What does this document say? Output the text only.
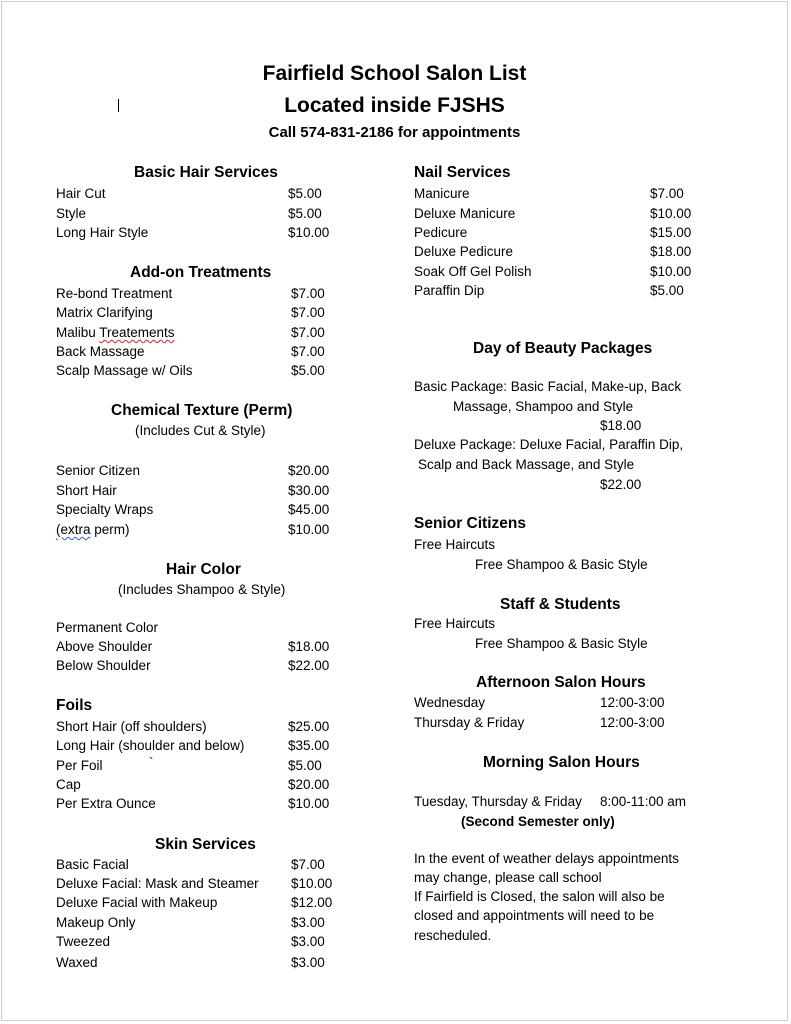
Fairfield School Salon List
Located inside FJSHS
Call 574-831-2186 for appointments
Basic Hair Services
Hair Cut	$5.00
Style	$5.00
Long Hair Style	$10.00
Add-on Treatments
Re-bond Treatment	$7.00
Matrix Clarifying	$7.00
Malibu Treatements	$7.00
Back Massage	$7.00
Scalp Massage w/ Oils	$5.00
Chemical Texture (Perm)
(Includes Cut & Style)
Senior Citizen	$20.00
Short Hair	$30.00
Specialty Wraps	$45.00
(extra perm)	$10.00
Hair Color
(Includes Shampoo & Style)
Permanent Color
Above Shoulder	$18.00
Below Shoulder	$22.00
Foils
Short Hair (off shoulders)	$25.00
Long Hair (shoulder and below)	$35.00
Per Foil	`	$5.00
Cap	$20.00
Per Extra Ounce	$10.00
Skin Services
Basic Facial	$7.00
Deluxe Facial: Mask and Steamer $10.00
Deluxe Facial with Makeup	$12.00
Makeup Only	$3.00
Tweezed	$3.00
Waxed	$3.00
Nail Services
Manicure	$7.00
Deluxe Manicure	$10.00
Pedicure	$15.00
Deluxe Pedicure	$18.00
Soak Off Gel Polish	$10.00
Paraffin Dip	$5.00
Day of Beauty Packages
Basic Package: Basic Facial, Make-up, Back
Massage, Shampoo and Style
$18.00
Deluxe Package: Deluxe Facial, Paraffin Dip,
Scalp and Back Massage, and Style
$22.00
Senior Citizens
Free Haircuts
Free Shampoo & Basic Style
Staff & Students
Free Haircuts
Free Shampoo & Basic Style
Afternoon Salon Hours
Wednesday	12:00-3:00
Thursday & Friday	12:00-3:00
Morning Salon Hours
Tuesday, Thursday & Friday 8:00-11:00 am
(Second Semester only)
In the event of weather delays appointments
may change, please call school
If Fairfield is Closed, the salon will also be
closed and appointments will need to be
rescheduled.
